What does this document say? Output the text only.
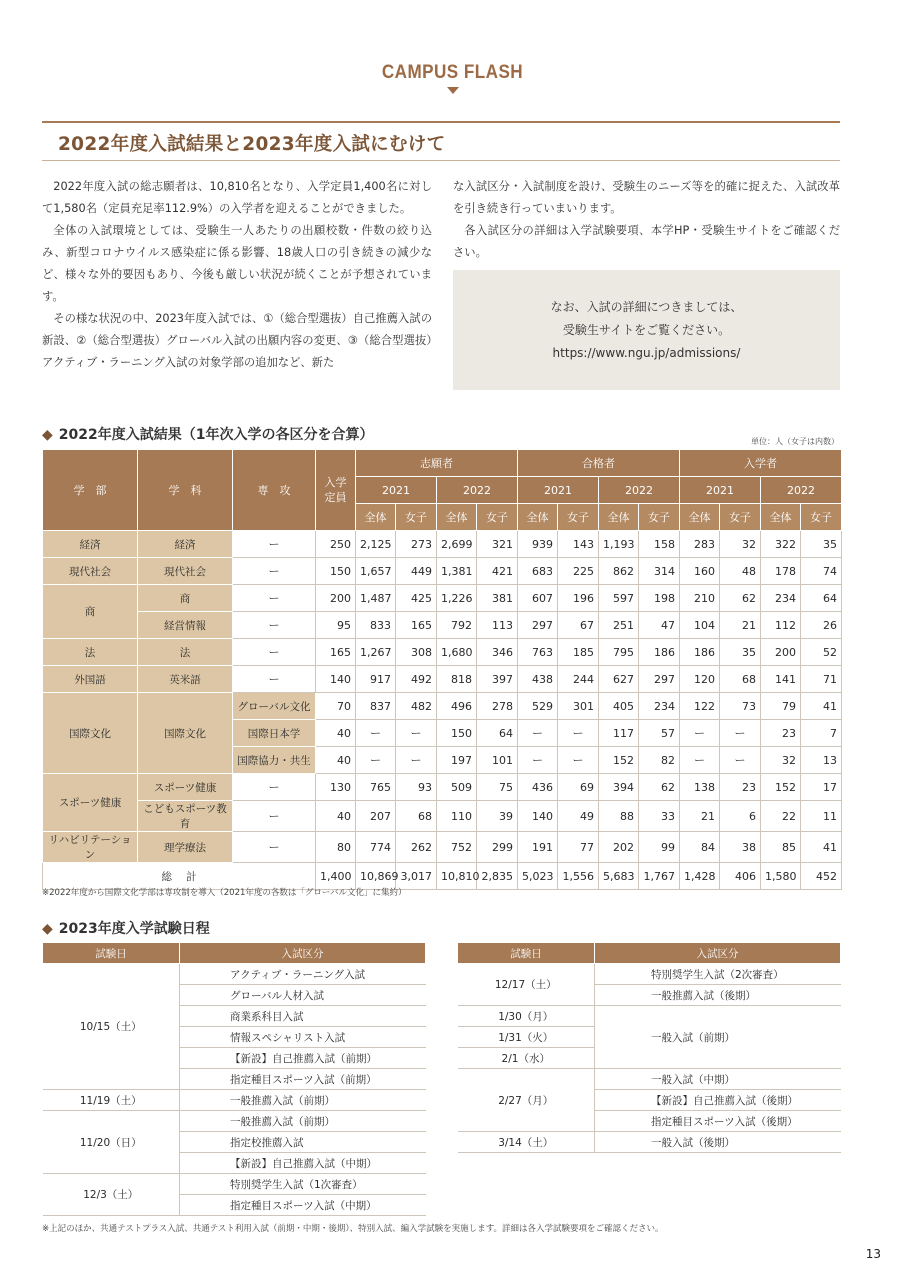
CAMPUS FLASH
2022年度入試結果と2023年度入試にむけて

2022年度入試の総志願者は、10,810名となり、入学定員1,400名に対して1,580名（定員充足率112.9%）の入学者を迎えることができました。

全体の入試環境としては、受験生一人あたりの出願校数・件数の絞り込み、新型コロナウイルス感染症に係る影響、18歳人口の引き続きの減少など、様々な外的要因もあり、今後も厳しい状況が続くことが予想されています。

その様な状況の中、2023年度入試では、①（総合型選抜）自己推薦入試の新設、②（総合型選抜）グローバル入試の出願内容の変更、③（総合型選抜）アクティブ・ラーニング入試の対象学部の追加など、新た

な入試区分・入試制度を設け、受験生のニーズ等を的確に捉えた、入試改革を引き続き行っていまいります。

各入試区分の詳細は入学試験要項、本学HP・受験生サイトをご確認ください。

なお、入試の詳細につきましては、
受験生サイトをご覧ください。
https://www.ngu.jp/admissions/
◆ 2022年度入試結果（1年次入学の各区分を合算）	単位：人（女子は内数）
学　部	学　科	専　攻	入学定員	志願者				合格者				入学者			
				2021		2022		2021		2022		2021		2022	
				全体	女子	全体	女子	全体	女子	全体	女子	全体	女子	全体	女子
経済	経済	ー	250	2,125	273	2,699	321	939	143	1,193	158	283	32	322	35
現代社会	現代社会	ー	150	1,657	449	1,381	421	683	225	862	314	160	48	178	74
商	商	ー	200	1,487	425	1,226	381	607	196	597	198	210	62	234	64
	経営情報	ー	95	833	165	792	113	297	67	251	47	104	21	112	26
法	法	ー	165	1,267	308	1,680	346	763	185	795	186	186	35	200	52
外国語	英米語	ー	140	917	492	818	397	438	244	627	297	120	68	141	71
国際文化	国際文化	グローバル文化	70	837	482	496	278	529	301	405	234	122	73	79	41
		国際日本学	40	ー	ー	150	64	ー	ー	117	57	ー	ー	23	7
		国際協力・共生	40	ー	ー	197	101	ー	ー	152	82	ー	ー	32	13
スポーツ健康	スポーツ健康	ー	130	765	93	509	75	436	69	394	62	138	23	152	17
	こどもスポーツ教育	ー	40	207	68	110	39	140	49	88	33	21	6	22	11
リハビリテーション	理学療法	ー	80	774	262	752	299	191	77	202	99	84	38	85	41
総計			1,400	10,869	3,017	10,810	2,835	5,023	1,556	5,683	1,767	1,428	406	1,580	452
※2022年度から国際文化学部は専攻制を導入（2021年度の各数は「グローバル文化」に集約）
◆ 2023年度入学試験日程
試験日	入試区分
10/15（土）	アクティブ・ラーニング入試
	グローバル人材入試
	商業系科目入試
	情報スペシャリスト入試
	【新設】自己推薦入試（前期）
	指定種目スポーツ入試（前期）
11/19（土）	一般推薦入試（前期）
11/20（日）	一般推薦入試（前期）
	指定校推薦入試
	【新設】自己推薦入試（中期）
12/3（土）	特別奨学生入試（1次審査）
	指定種目スポーツ入試（中期）
試験日	入試区分
12/17（土）	特別奨学生入試（2次審査）
	一般推薦入試（後期）
1/30（月）	一般入試（前期）
1/31（火）	
2/1（水）	
2/27（月）	一般入試（中期）
	【新設】自己推薦入試（後期）
	指定種目スポーツ入試（後期）
3/14（土）	一般入試（後期）
※上記のほか、共通テストプラス入試、共通テスト利用入試（前期・中期・後期）、特別入試、編入学試験を実施します。詳細は各入学試験要項をご確認ください。
13
